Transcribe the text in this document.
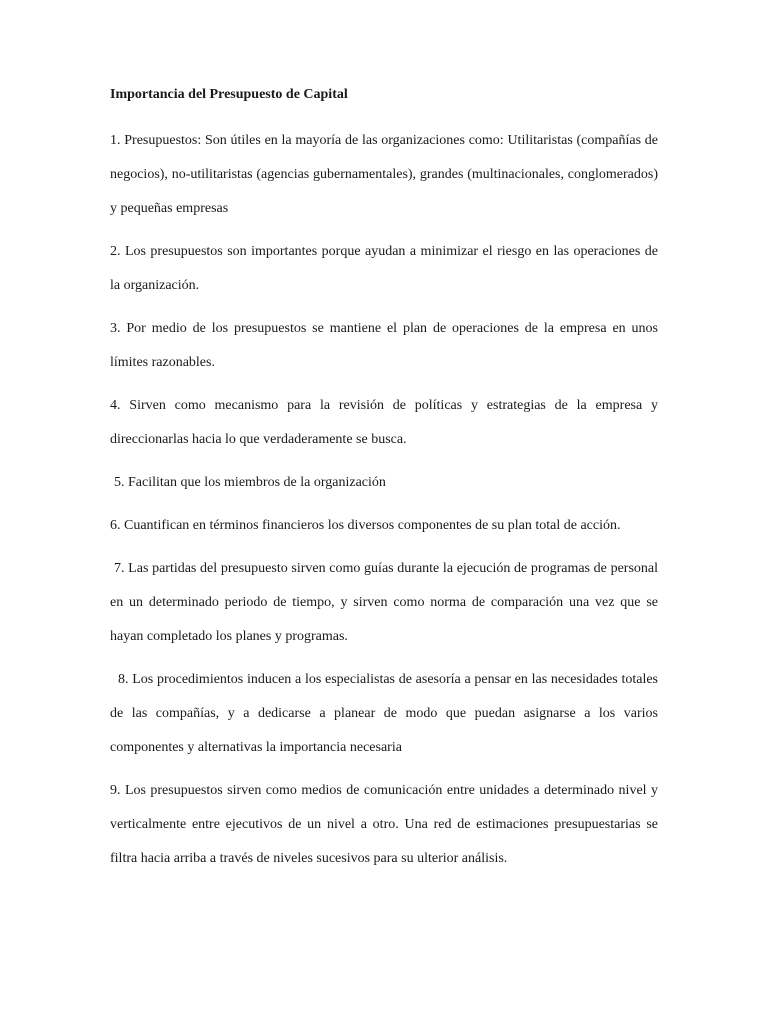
Importancia del Presupuesto de Capital

1. Presupuestos: Son útiles en la mayoría de las organizaciones como: Utilitaristas (compañías de negocios), no-utilitaristas (agencias gubernamentales), grandes (multinacionales, conglomerados) y pequeñas empresas

2. Los presupuestos son importantes porque ayudan a minimizar el riesgo en las operaciones de la organización.

3. Por medio de los presupuestos se mantiene el plan de operaciones de la empresa en unos límites razonables.

4. Sirven como mecanismo para la revisión de políticas y estrategias de la empresa y direccionarlas hacia lo que verdaderamente se busca.

5. Facilitan que los miembros de la organización

6. Cuantifican en términos financieros los diversos componentes de su plan total de acción.

7. Las partidas del presupuesto sirven como guías durante la ejecución de programas de personal en un determinado periodo de tiempo, y sirven como norma de comparación una vez que se hayan completado los planes y programas.

8. Los procedimientos inducen a los especialistas de asesoría a pensar en las necesidades totales de las compañías, y a dedicarse a planear de modo que puedan asignarse a los varios componentes y alternativas la importancia necesaria

9. Los presupuestos sirven como medios de comunicación entre unidades a determinado nivel y verticalmente entre ejecutivos de un nivel a otro. Una red de estimaciones presupuestarias se filtra hacia arriba a través de niveles sucesivos para su ulterior análisis.
